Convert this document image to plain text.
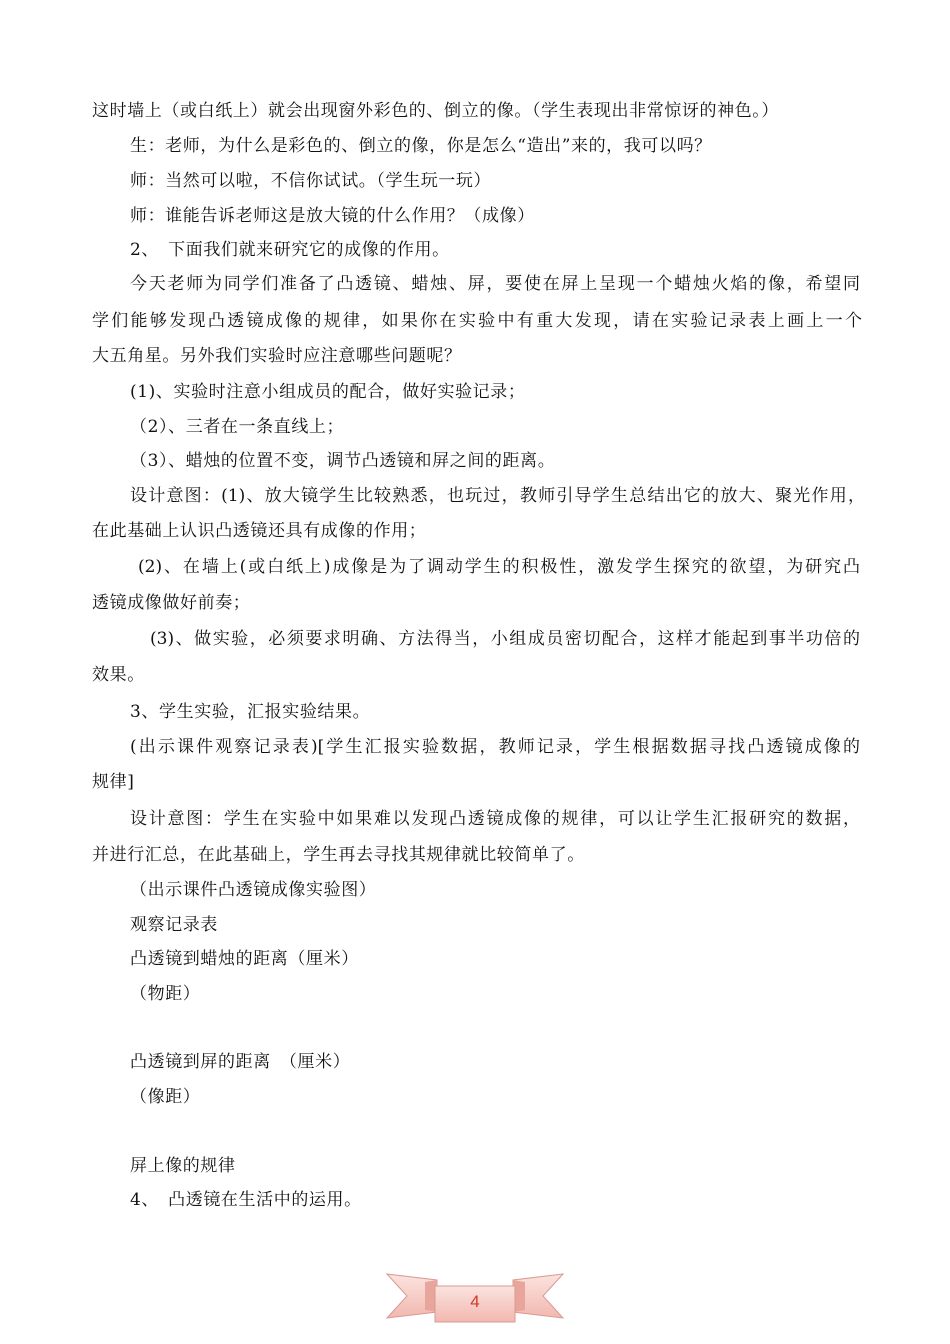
这时墙上（或白纸上）就会出现窗外彩色的、倒立的像。（学生表现出非常惊讶的神色。）
生：老师，为什么是彩色的、倒立的像，你是怎么“造出”来的，我可以吗？
师：当然可以啦，不信你试试。（学生玩一玩）
师：谁能告诉老师这是放大镜的什么作用？（成像）
2、　下面我们就来研究它的成像的作用。
今天老师为同学们准备了凸透镜、蜡烛、屏，要使在屏上呈现一个蜡烛火焰的像，希望同
学们能够发现凸透镜成像的规律，如果你在实验中有重大发现，请在实验记录表上画上一个
大五角星。另外我们实验时应注意哪些问题呢？
(1)、实验时注意小组成员的配合，做好实验记录；
（2）、三者在一条直线上；
（3）、蜡烛的位置不变，调节凸透镜和屏之间的距离。
设计意图：(1)、放大镜学生比较熟悉，也玩过，教师引导学生总结出它的放大、聚光作用，
在此基础上认识凸透镜还具有成像的作用；
(2)、在墙上(或白纸上)成像是为了调动学生的积极性，激发学生探究的欲望，为研究凸
透镜成像做好前奏；
(3)、做实验，必须要求明确、方法得当，小组成员密切配合，这样才能起到事半功倍的
效果。
3、学生实验，汇报实验结果。
(出示课件观察记录表)[学生汇报实验数据，教师记录，学生根据数据寻找凸透镜成像的
规律]
设计意图：学生在实验中如果难以发现凸透镜成像的规律，可以让学生汇报研究的数据，
并进行汇总，在此基础上，学生再去寻找其规律就比较简单了。
（出示课件凸透镜成像实验图）
观察记录表
凸透镜到蜡烛的距离（厘米）
（物距）
凸透镜到屏的距离　（厘米）
（像距）
屏上像的规律
4、　凸透镜在生活中的运用。
4
